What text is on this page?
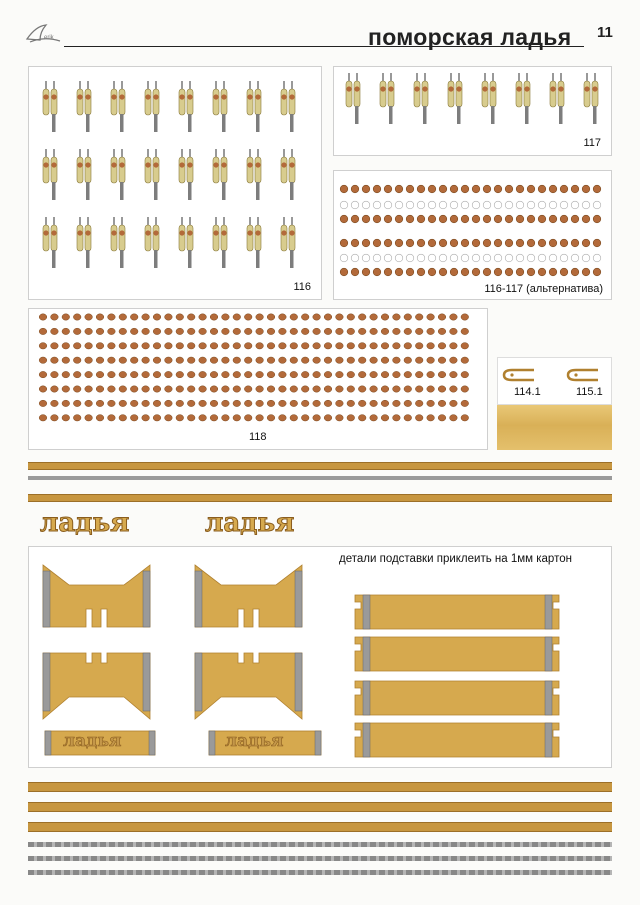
erik	поморская ладья 11
116
117
116-117 (альтернатива)
118
114.1	115.1
ладья	ладья
детали подставки приклеить на 1мм картон
ладья	ладья
